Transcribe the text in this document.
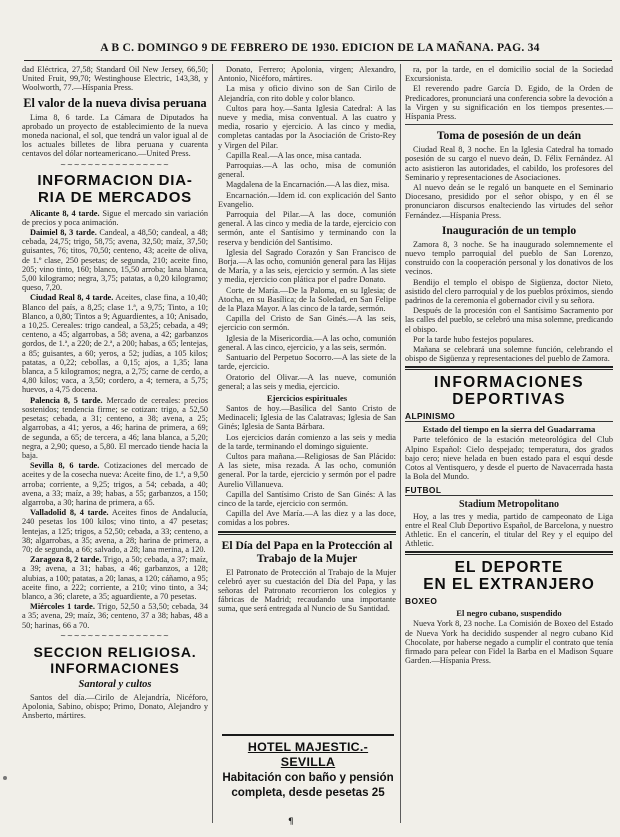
A B C. DOMINGO 9 DE FEBRERO DE 1930. EDICION DE LA MAÑANA. PAG. 34

dad Eléctrica, 27,58; Standard Oil New Jersey, 66,50; United Fruit, 99,70; Westinghouse Electric, 143,38, y Woolworth, 77.—Híspania Press.

El valor de la nueva divisa peruana

Lima 8, 6 tarde. La Cámara de Diputados ha aprobado un proyecto de establecimiento de la nueva moneda nacional, el sol, que tendrá un valor igual al de los actuales billetes de libra peruana y cuarenta centavos del dólar norteamericano.—United Press.

~~~~~~~~~~~~~~~~
INFORMACION DIA-
RIA DE MERCADOS

Alicante 8, 4 tarde. Sigue el mercado sin variación de precios y poca animación.

Daimiel 8, 3 tarde. Candeal, a 48,50; candeal, a 48; cebada, 24,75; trigo, 58,75; avena, 32,50; maíz, 37,50; guisantes, 76; titos, 70,50; centeno, 43; aceite de oliva, de 1.º clase, 250 pesetas; de segunda, 210; aceite fino, 205; vino tinto, 160; blanco, 15,50 arroba; lana blanca, 5,00 kilogramo; negra, 3,75; patatas, a 0,20 kilogramo; queso, 7,20.

Ciudad Real 8, 4 tarde. Aceites, clase fina, a 10,40; Blanco del país, a 8,25; clase 1.ª, a 9,75; Tinto, a 10; Blanco, a 0,80; Tintos a 9; Aguardientes, a 10; Anisado, a 10,25. Cereales: trigo candeal, a 53,25; cebada, a 49; centeno, a 45; algarrobas, a 58; avena, a 42; garbanzos gordos, de 1.ª, a 220; de 2.ª, a 200; habas, a 65; lentejas, a 85; guisantes, a 60; yeros, a 52; judías, a 105 kilos; patatas, a 0,22; cebollas, a 0,15; ajos, a 1,35; lana blanca, a 5 kilogramos; negra, a 2,75; carne de cerdo, a 4,80 kilos; vaca, a 3,50; cordero, a 4; ternera, a 5,75; huevos, a 4,75 docena.

Palencia 8, 5 tarde. Mercado de cereales: precios sostenidos; tendencia firme; se cotizan: trigo, a 52,50 pesetas; cebada, a 31; centeno, a 38; avena, a 25; algarrobas, a 41; yeros, a 46; harina de primera, a 69; de segunda, a 65; de tercera, a 46; lana blanca, a 5,20; negra, a 2,90; queso, a 5,80. El mercado tiende hacia la baja.

Sevilla 8, 6 tarde. Cotizaciones del mercado de aceites y de la cosecha nueva: Aceite fino, de 1.ª, a 9,50 arroba; corriente, a 9,25; trigos, a 54; cebada, a 40; avena, a 33; maíz, a 39; habas, a 55; garbanzos, a 150; algarroba, a 30; harina de primera, a 65.

Valladolid 8, 4 tarde. Aceites finos de Andalucía, 240 pesetas los 100 kilos; vino tinto, a 47 pesetas; lentejas, a 125; trigos, a 52,50; cebada, a 33; centeno, a 38; algarrobas, a 35; avena, a 28; harina de primera, a 70; de segunda, a 66; salvado, a 28; lana merina, a 120.

Zaragoza 8, 2 tarde. Trigo, a 50; cebada, a 37; maíz, a 39; avena, a 31; habas, a 46; garbanzos, a 128; alubias, a 100; patatas, a 20; lanas, a 120; cáñamo, a 95; aceite fino, a 222; corriente, a 210; vino tinto, a 34; blanco, a 36; clarete, a 35; aguardiente, a 70 pesetas.

Miércoles 1 tarde. Trigo, 52,50 a 53,50; cebada, 34 a 35; avena, 29; maíz, 36; centeno, 37 a 38; habas, 48 a 50; harinas, 66 a 70.

~~~~~~~~~~~~~~~~
SECCION RELIGIOSA.
INFORMACIONES
Santoral y cultos

Santos del día.—Cirilo de Alejandría, Nicéforo, Apolonia, Sabino, obispo; Primo, Donato, Alejandro y Ansberto, mártires.

Donato, Ferrero; Apolonia, virgen; Alexandro, Antonio, Nicéforo, mártires.

La misa y oficio divino son de San Cirilo de Alejandría, con rito doble y color blanco.

Cultos para hoy.—Santa Iglesia Catedral: A las nueve y media, misa conventual. A las cuatro y media, rosario y ejercicio. A las cinco y media, completas cantadas por la Asociación de Cristo-Rey y Virgen del Pilar.

Capilla Real.—A las once, misa cantada.

Parroquias.—A las ocho, misa de comunión general.

Magdalena de la Encarnación.—A las diez, misa.

Encarnación.—Idem id. con explicación del Santo Evangelio.

Parroquia del Pilar.—A las doce, comunión general. A las cinco y media de la tarde, ejercicio con sermón, ante el Santísimo y terminando con la reserva y bendición del Santísimo.

Iglesia del Sagrado Corazón y San Francisco de Borja.—A las ocho, comunión general para las Hijas de María, y a las seis, ejercicio y sermón. A las siete y media, ejercicio con plática por el padre Donato.

Corte de María.—De la Paloma, en su Iglesia; de Atocha, en su Basílica; de la Soledad, en San Felipe de la Plaza Mayor. A las cinco de la tarde, sermón.

Capilla del Cristo de San Ginés.—A las seis, ejercicio con sermón.

Iglesia de la Misericordia.—A las ocho, comunión general. A las cinco, ejercicio, y a las seis, sermón.

Santuario del Perpetuo Socorro.—A las siete de la tarde, ejercicio.

Oratorio del Olivar.—A las nueve, comunión general; a las seis y media, ejercicio.

Ejercicios espirituales

Santos de hoy.—Basílica del Santo Cristo de Medinaceli; Iglesia de las Calatravas; Iglesia de San Ginés; Iglesia de Santa Bárbara.

Los ejercicios darán comienzo a las seis y media de la tarde, terminando el domingo siguiente.

Cultos para mañana.—Religiosas de San Plácido: A las siete, misa rezada. A las ocho, comunión general. Por la tarde, ejercicio y sermón por el padre Aurelio Villanueva.

Capilla del Santísimo Cristo de San Ginés: A las cinco de la tarde, ejercicio con sermón.

Capilla del Ave María.—A las diez y a las doce, comidas a los pobres.

El Día del Papa en la Protección al Trabajo de la Mujer

El Patronato de Protección al Trabajo de la Mujer celebró ayer su cuestación del Día del Papa, y las señoras del Patronato recorrieron los colegios y fábricas de Madrid; recaudando una importante suma, que será entregada al Nuncio de Su Santidad.

HOTEL MAJESTIC.-SEVILLA
Habitación con baño y pensión
completa, desde pesetas 25
¶

ra, por la tarde, en el domicilio social de la Sociedad Excursionista.

El reverendo padre García D. Egido, de la Orden de Predicadores, pronunciará una conferencia sobre la devoción a la Virgen y su significación en los tiempos presentes.—Híspania Press.

Toma de posesión de un deán

Ciudad Real 8, 3 noche. En la Iglesia Catedral ha tomado posesión de su cargo el nuevo deán, D. Félix Fernández. Al acto asistieron las autoridades, el cabildo, los profesores del Seminario y representaciones de Asociaciones.

Al nuevo deán se le regaló un banquete en el Seminario Diocesano, presidido por el señor obispo, y en él se pronunciaron discursos enalteciendo las virtudes del señor Fernández.—Híspania Press.

Inauguración de un templo

Zamora 8, 3 noche. Se ha inaugurado solemnemente el nuevo templo parroquial del pueblo de San Lorenzo, construido con la cooperación personal y los donativos de los vecinos.

Bendijo el templo el obispo de Sigüenza, doctor Nieto, asistido del clero parroquial y de los pueblos próximos, siendo padrinos de la ceremonia el gobernador civil y su señora.

Después de la procesión con el Santísimo Sacramento por las calles del pueblo, se celebró una misa solemne, predicando el obispo.

Por la tarde hubo festejos populares.

Mañana se celebrará una solemne función, celebrando el obispo de Sigüenza y representaciones del pueblo de Zamora.

INFORMACIONES
DEPORTIVAS
ALPINISMO
Estado del tiempo en la sierra del Guadarrama

Parte telefónico de la estación meteorológica del Club Alpino Español: Cielo despejado; temperatura, dos grados bajo cero; nieve helada en buen estado para el esquí desde Cotos al Ventisquero, y desde el puerto de Navacerrada hasta la Bola del Mundo.

FUTBOL
Stadium Metropolitano

Hoy, a las tres y media, partido de campeonato de Liga entre el Real Club Deportivo Español, de Barcelona, y nuestro Athletic. En el cancerín, el titular del Rey y el equipo del Athletic.

EL DEPORTE
EN EL EXTRANJERO
BOXEO
El negro cubano, suspendido

Nueva York 8, 23 noche. La Comisión de Boxeo del Estado de Nueva York ha decidido suspender al negro cubano Kid Chocolate, por haberse negado a cumplir el contrato que tenía firmado para pelear con Fidel la Barba en el Madison Square Garden.—Híspania Press.
